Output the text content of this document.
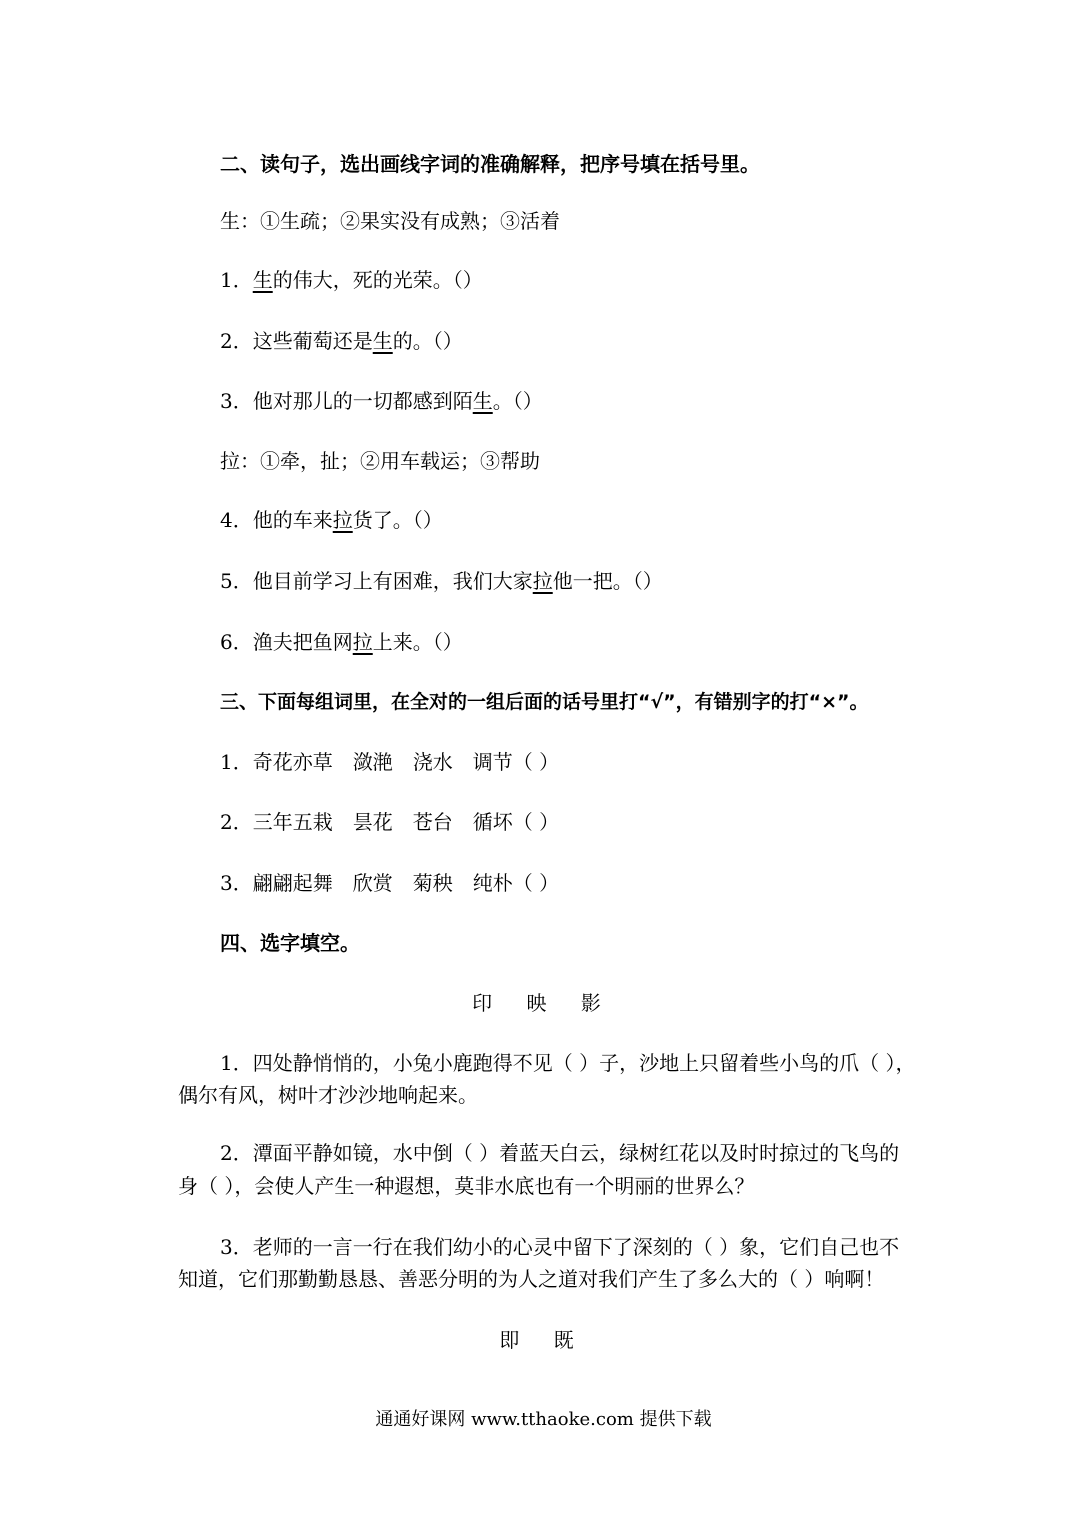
二、读句子，选出画线字词的准确解释，把序号填在括号里。
生：①生疏；②果实没有成熟；③活着
1．生的伟大，死的光荣。（）
2．这些葡萄还是生的。（）
3．他对那儿的一切都感到陌生。（）
拉：①牵，扯；②用车载运；③帮助
4．他的车来拉货了。（）
5．他目前学习上有困难，我们大家拉他一把。（）
6．渔夫把鱼网拉上来。（）
三、下面每组词里，在全对的一组后面的话号里打“√”，有错别字的打“×”。
1．奇花亦草　潋滟　浇水　调节（ ）
2．三年五栽　昙花　苍台　循坏（ ）
3．翩翩起舞　欣赏　菊秧　纯朴（ ）
四、选字填空。
印 映 影
1．四处静悄悄的，小兔小鹿跑得不见（ ）子，沙地上只留着些小鸟的爪（ ），
偶尔有风，树叶才沙沙地响起来。
2．潭面平静如镜，水中倒（ ）着蓝天白云，绿树红花以及时时掠过的飞鸟的
身（ ），会使人产生一种遐想，莫非水底也有一个明丽的世界么？
3．老师的一言一行在我们幼小的心灵中留下了深刻的（ ）象，它们自己也不
知道，它们那勤勤恳恳、善恶分明的为人之道对我们产生了多么大的（ ）响啊！
即 既
通通好课网 www.tthaoke.com 提供下载
